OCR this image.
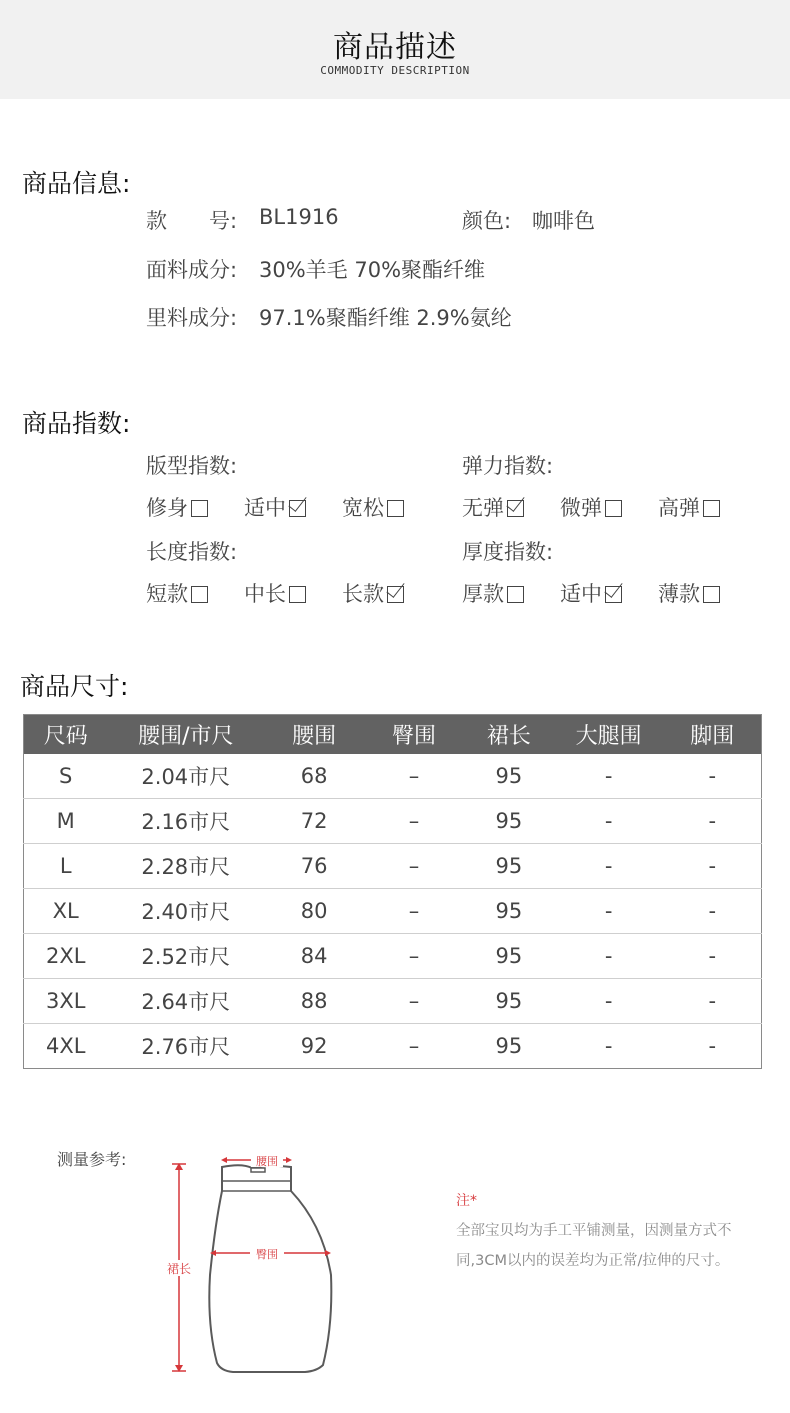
商品描述
COMMODITY DESCRIPTION
商品信息:
款　　号: BL1916	颜色: 咖啡色
面料成分: 30%羊毛 70%聚酯纤维
里料成分: 97.1%聚酯纤维 2.9%氨纶
商品指数:
版型指数:
修身	适中	宽松
弹力指数:
无弹	微弹	高弹
长度指数:
短款	中长	长款
厚度指数:
厚款	适中	薄款
商品尺寸:
尺码	腰围/市尺	腰围	臀围	裙长	大腿围	脚围
S	2.04市尺	68	–	95	-	-
M	2.16市尺	72	–	95	-	-
L	2.28市尺	76	–	95	-	-
XL	2.40市尺	80	–	95	-	-
2XL	2.52市尺	84	–	95	-	-
3XL	2.64市尺	88	–	95	-	-
4XL	2.76市尺	92	–	95	-	-
测量参考:	腰围
臀围
裙长
注*
全部宝贝均为手工平铺测量，因测量方式不同,3CM以内的误差均为正常/拉伸的尺寸。
